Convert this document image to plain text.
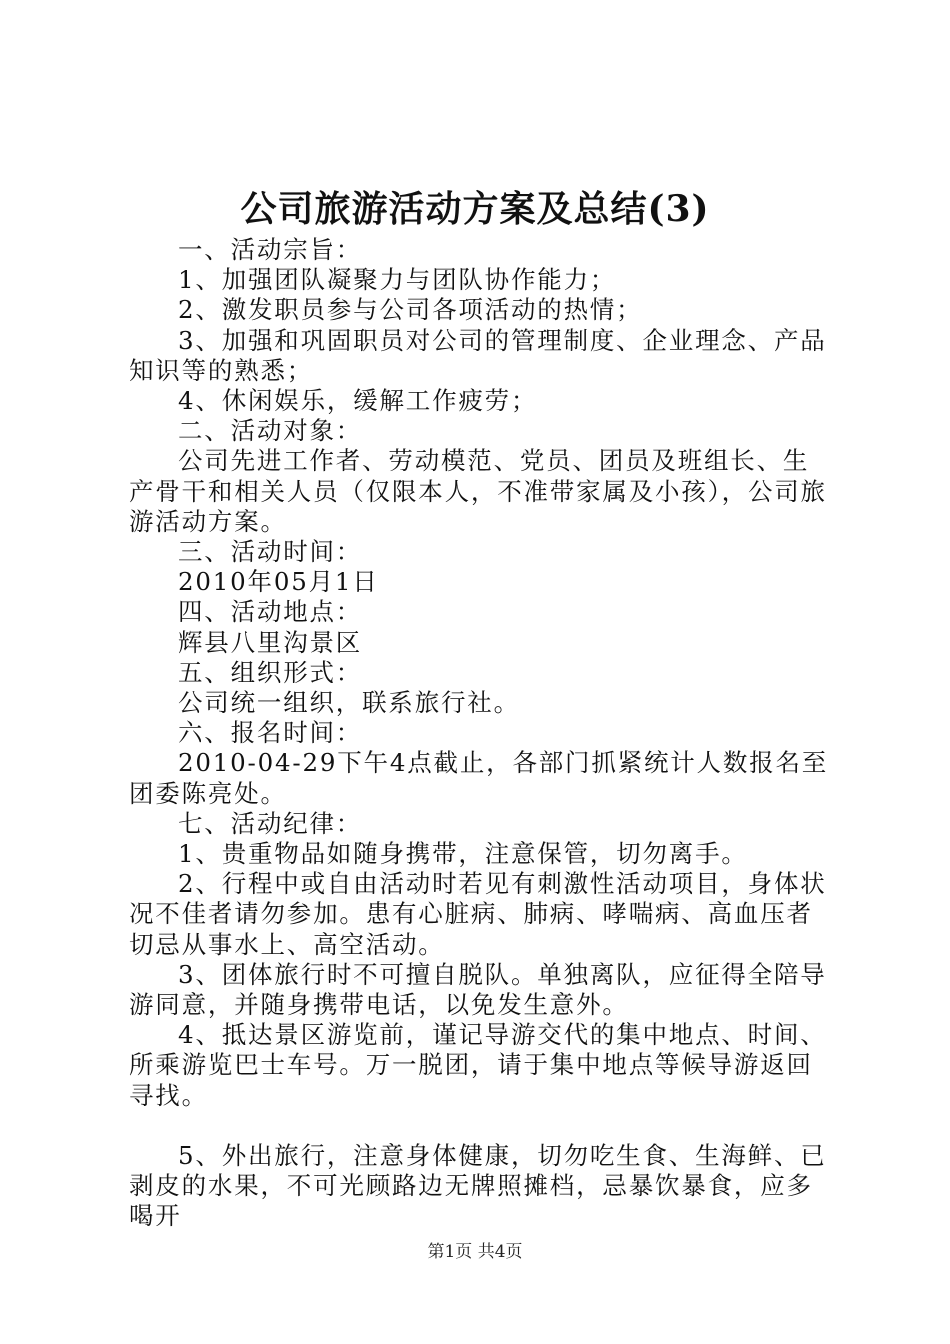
公司旅游活动方案及总结(3)

一、活动宗旨：

1、加强团队凝聚力与团队协作能力；

2、激发职员参与公司各项活动的热情；

3、加强和巩固职员对公司的管理制度、企业理念、产品知识等的熟悉；

4、休闲娱乐，缓解工作疲劳；

二、活动对象：

公司先进工作者、劳动模范、党员、团员及班组长、生产骨干和相关人员（仅限本人，不准带家属及小孩），公司旅游活动方案。

三、活动时间：

2010年05月1日

四、活动地点：

辉县八里沟景区

五、组织形式：

公司统一组织，联系旅行社。

六、报名时间：

2010-04-29下午4点截止，各部门抓紧统计人数报名至团委陈亮处。

七、活动纪律：

1、贵重物品如随身携带，注意保管，切勿离手。

2、行程中或自由活动时若见有刺激性活动项目，身体状况不佳者请勿参加。患有心脏病、肺病、哮喘病、高血压者切忌从事水上、高空活动。

3、团体旅行时不可擅自脱队。单独离队，应征得全陪导游同意，并随身携带电话，以免发生意外。

4、抵达景区游览前，谨记导游交代的集中地点、时间、所乘游览巴士车号。万一脱团，请于集中地点等候导游返回寻找。

5、外出旅行，注意身体健康，切勿吃生食、生海鲜、已剥皮的水果，不可光顾路边无牌照摊档，忌暴饮暴食，应多喝开

第1页 共4页
